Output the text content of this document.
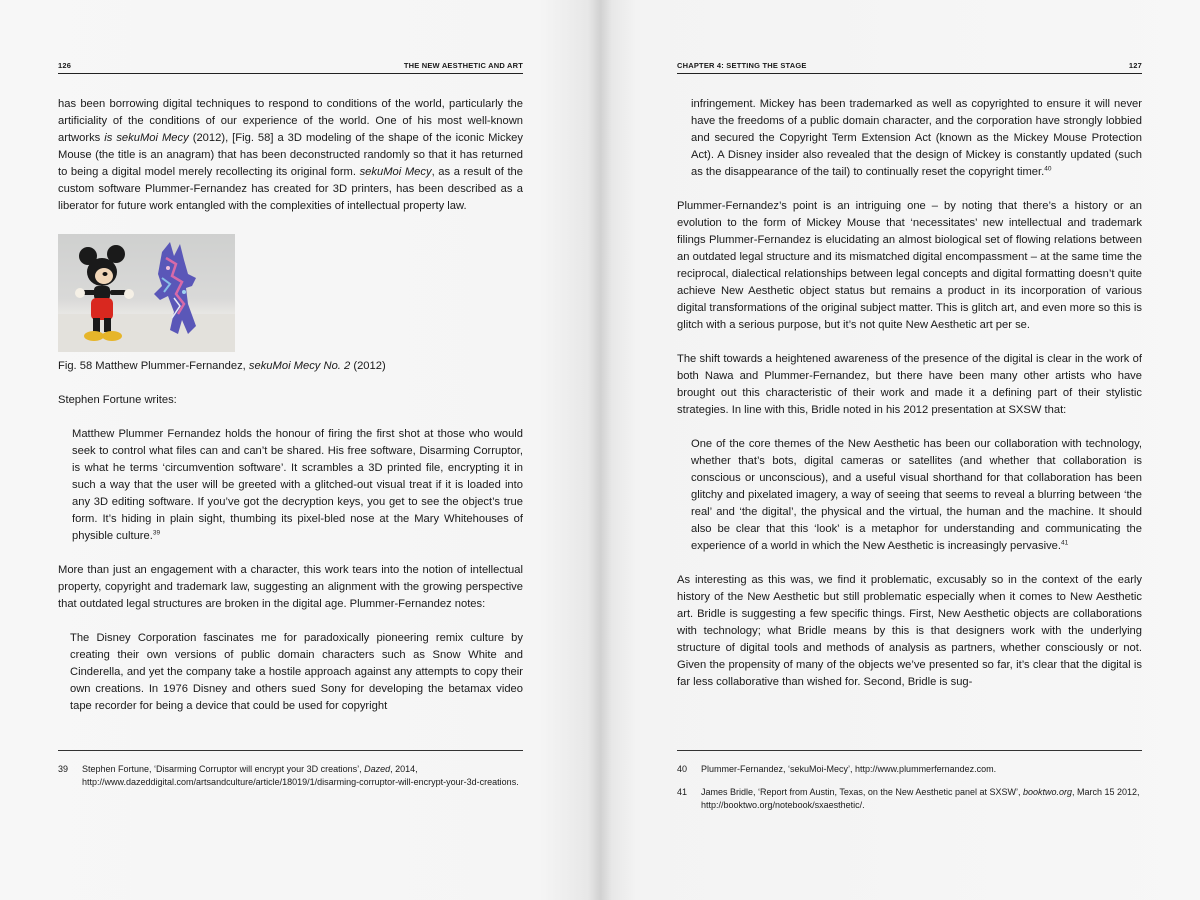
126	THE NEW AESTHETIC AND ART

has been borrowing digital techniques to respond to conditions of the world, particularly the artificiality of the conditions of our experience of the world. One of his most well-known artworks is sekuMoi Mecy (2012), [Fig. 58] a 3D modeling of the shape of the iconic Mickey Mouse (the title is an anagram) that has been deconstructed randomly so that it has returned to being a digital model merely recollecting its original form. sekuMoi Mecy, as a result of the custom software Plummer-Fernandez has created for 3D printers, has been described as a liberator for future work entangled with the complexities of intellectual property law.

Fig. 58 Matthew Plummer-Fernandez, sekuMoi Mecy No. 2 (2012)

Stephen Fortune writes:

Matthew Plummer Fernandez holds the honour of firing the first shot at those who would seek to control what files can and can’t be shared. His free software, Disarming Corruptor, is what he terms ‘circumvention software’. It scrambles a 3D printed file, encrypting it in such a way that the user will be greeted with a glitched-out visual treat if it is loaded into any 3D editing software. If you’ve got the decryption keys, you get to see the object’s true form. It’s hiding in plain sight, thumbing its pixel-bled nose at the Mary Whitehouses of physible culture.$^{39}$

More than just an engagement with a character, this work tears into the notion of intellectual property, copyright and trademark law, suggesting an alignment with the growing perspective that outdated legal structures are broken in the digital age. Plummer-Fernandez notes:

The Disney Corporation fascinates me for paradoxically pioneering remix culture by creating their own versions of public domain characters such as Snow White and Cinderella, and yet the company take a hostile approach against any attempts to copy their own creations. In 1976 Disney and others sued Sony for developing the betamax video tape recorder for being a device that could be used for copyright

39	Stephen Fortune, ‘Disarming Corruptor will encrypt your 3D creations’, Dazed, 2014, http://www.dazeddigital.com/artsandculture/article/18019/1/disarming-corruptor-will-encrypt-your-3d-creations.
CHAPTER 4: SETTING THE STAGE	127

infringement. Mickey has been trademarked as well as copyrighted to ensure it will never have the freedoms of a public domain character, and the corporation have strongly lobbied and secured the Copyright Term Extension Act (known as the Mickey Mouse Protection Act). A Disney insider also revealed that the design of Mickey is constantly updated (such as the disappearance of the tail) to continually reset the copyright timer.$^{40}$

Plummer-Fernandez’s point is an intriguing one – by noting that there’s a history or an evolution to the form of Mickey Mouse that ‘necessitates’ new intellectual and trademark filings Plummer-Fernandez is elucidating an almost biological set of flowing relations between an outdated legal structure and its mismatched digital encompassment – at the same time the reciprocal, dialectical relationships between legal concepts and digital formatting doesn’t quite achieve New Aesthetic object status but remains a product in its incorporation of various digital transformations of the original subject matter. This is glitch art, and even more so this is glitch with a serious purpose, but it’s not quite New Aesthetic art per se.

The shift towards a heightened awareness of the presence of the digital is clear in the work of both Nawa and Plummer-Fernandez, but there have been many other artists who have brought out this characteristic of their work and made it a defining part of their stylistic strategies. In line with this, Bridle noted in his 2012 presentation at SXSW that:

One of the core themes of the New Aesthetic has been our collaboration with technology, whether that’s bots, digital cameras or satellites (and whether that collaboration is conscious or unconscious), and a useful visual shorthand for that collaboration has been glitchy and pixelated imagery, a way of seeing that seems to reveal a blurring between ‘the real’ and ‘the digital’, the physical and the virtual, the human and the machine. It should also be clear that this ‘look’ is a metaphor for understanding and communicating the experience of a world in which the New Aesthetic is increasingly pervasive.$^{41}$

As interesting as this was, we find it problematic, excusably so in the context of the early history of the New Aesthetic but still problematic especially when it comes to New Aesthetic art. Bridle is suggesting a few specific things. First, New Aesthetic objects are collaborations with technology; what Bridle means by this is that designers work with the underlying structure of digital tools and methods of analysis as partners, whether consciously or not. Given the propensity of many of the objects we’ve presented so far, it’s clear that the digital is far less collaborative than wished for. Second, Bridle is sug-

40	Plummer-Fernandez, ‘sekuMoi-Mecy’, http://www.plummerfernandez.com.
41	James Bridle, ‘Report from Austin, Texas, on the New Aesthetic panel at SXSW’, booktwo.org, March 15 2012, http://booktwo.org/notebook/sxaesthetic/.
